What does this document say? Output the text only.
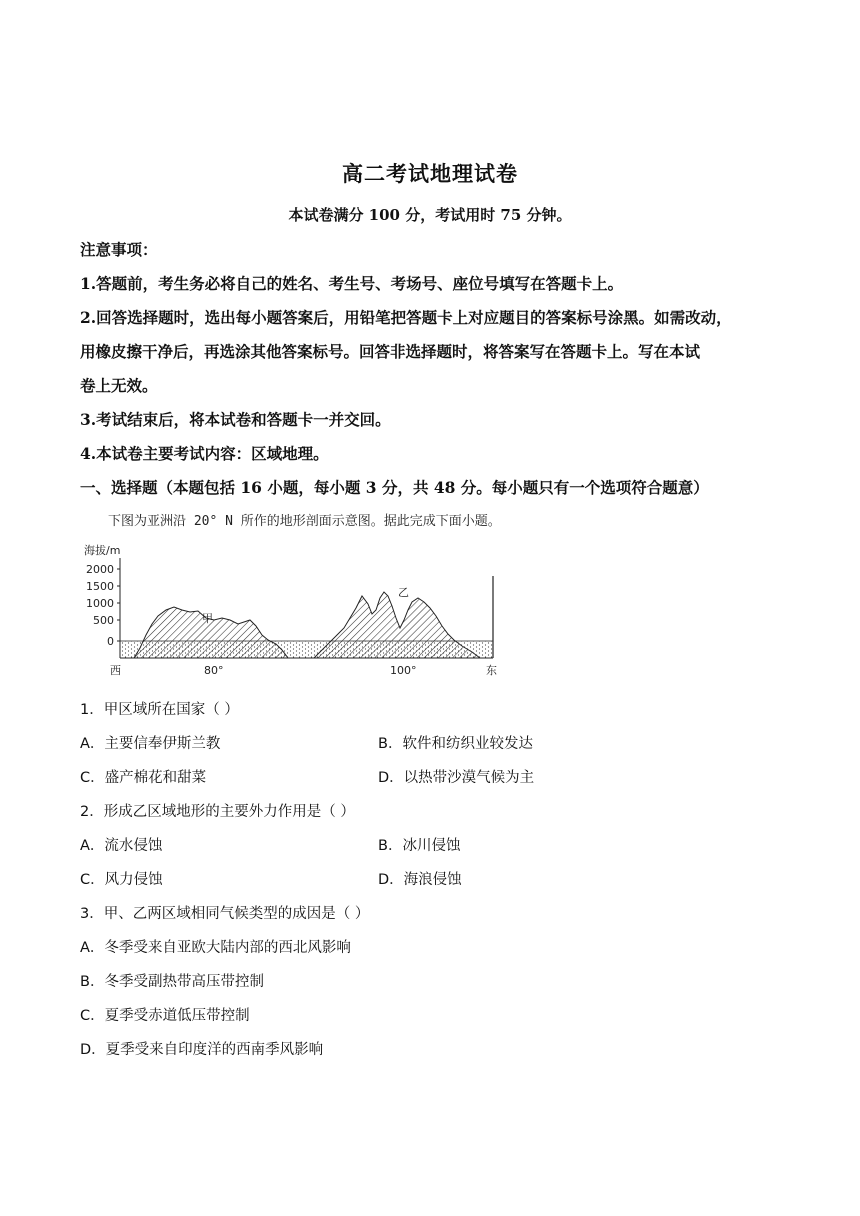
高二考试地理试卷
本试卷满分 100 分，考试用时 75 分钟。
注意事项：
1.答题前，考生务必将自己的姓名、考生号、考场号、座位号填写在答题卡上。
2.回答选择题时，选出每小题答案后，用铅笔把答题卡上对应题目的答案标号涂黑。如需改动，
用橡皮擦干净后，再选涂其他答案标号。回答非选择题时，将答案写在答题卡上。写在本试
卷上无效。
3.考试结束后，将本试卷和答题卡一并交回。
4.本试卷主要考试内容：区域地理。
一、选择题（本题包括 16 小题，每小题 3 分，共 48 分。每小题只有一个选项符合题意）
下图为亚洲沿 20° N 所作的地形剖面示意图。据此完成下面小题。
海拔/m
2000
1500
1000
500
0
西	80°	100°	东
甲
乙
1．甲区域所在国家（ ）
A．主要信奉伊斯兰教	B．软件和纺织业较发达
C．盛产棉花和甜菜	D．以热带沙漠气候为主
2．形成乙区域地形的主要外力作用是（ ）
A．流水侵蚀	B．冰川侵蚀
C．风力侵蚀	D．海浪侵蚀
3．甲、乙两区域相同气候类型的成因是（ ）
A．冬季受来自亚欧大陆内部的西北风影响
B．冬季受副热带高压带控制
C．夏季受赤道低压带控制
D．夏季受来自印度洋的西南季风影响
